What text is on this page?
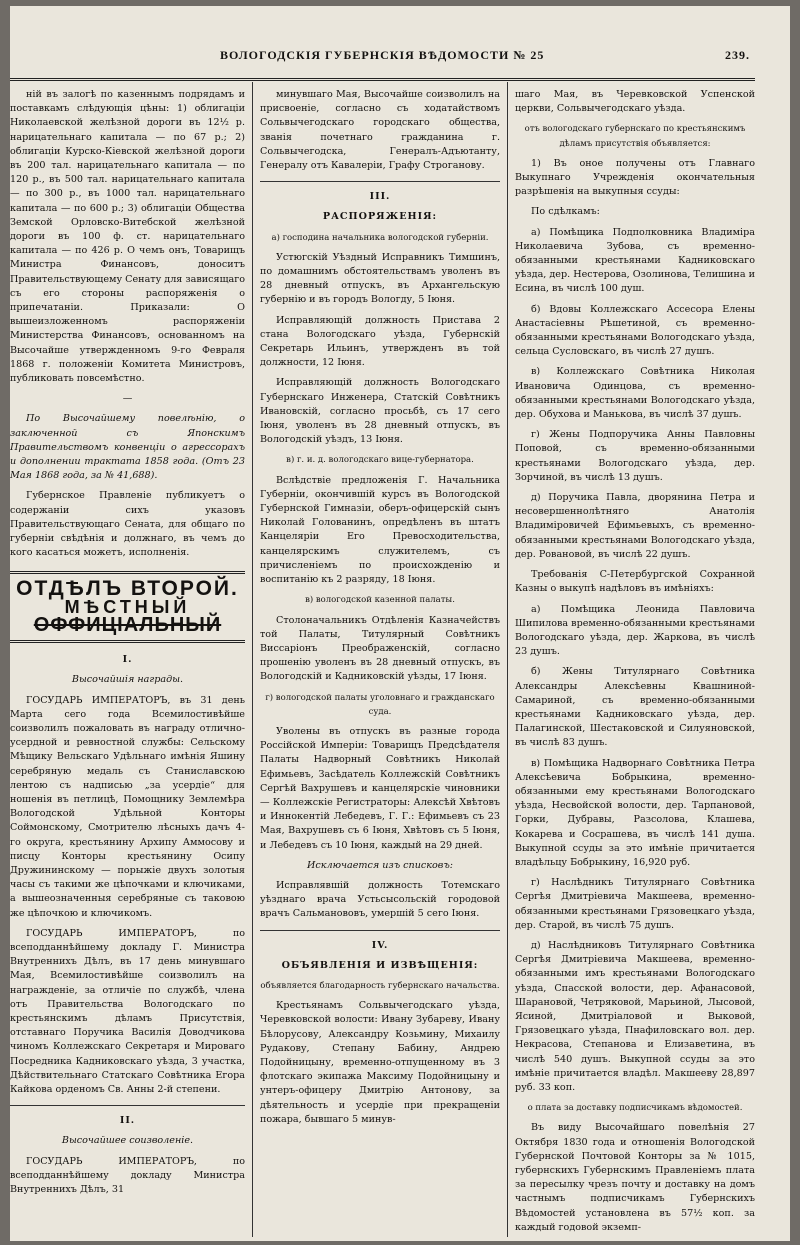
ВОЛОГОДСКІЯ ГУБЕРНСКІЯ ВѢДОМОСТИ № 25	239.

ній въ залогѣ по казеннымъ подрядамъ и поставкамъ слѣдующія цѣны: 1) облигаціи Николаевской желѣзной дороги въ 12½ р. нарицательнаго капитала — по 67 р.; 2) облигаціи Курско-Кіевской желѣзной дороги въ 200 тал. нарицательнаго капитала — по 120 р., въ 500 тал. нарицательнаго капитала — по 300 р., въ 1000 тал. нарицательнаго капитала — по 600 р.; 3) облигаціи Общества Земской Орловско-Витебской желѣзной дороги въ 100 ф. ст. нарицательнаго капитала — по 426 р. О чемъ онъ, Товарищъ Министра Финансовъ, доноситъ Правительствующему Сенату для зависящаго съ его стороны распоряженія о припечатаніи. Приказали: О вышеизложенномъ распоряженіи Министерства Финансовъ, основанномъ на Высочайше утвержденномъ 9-го Февраля 1868 г. положеніи Комитета Министровъ, публиковать повсемѣстно.

—

По Высочайшему повелѣнію, о заключенной съ Японскимъ Правительствомъ конвенціи о агрессорахъ и дополнении трактата 1858 года. (Отъ 23 Мая 1868 года, за № 41,688).

Губернское Правленіе публикуетъ о содержаніи сихъ указовъ Правительствующаго Сената, для общаго по губерніи свѣдѣнія и должнаго, въ чемъ до кого касаться можетъ, исполненія.

ОТДѢЛЪ ВТОРОЙ.
МѢСТНЫЙ
ОФФИЦІАЛЬНЫЙ

I.

Высочайшія награды.

ГОСУДАРЬ ИМПЕРАТОРЪ, въ 31 день Марта сего года Всемилостивѣйше соизволилъ пожаловать въ награду отлично-усердной и ревностной службы: Сельскому Мѣщику Вельскаго Удѣльнаго имѣнія Яшину серебряную медаль съ Станиславскою лентою съ надписью „за усердіе“ для ношенія въ петлицѣ, Помощнику Землемѣра Вологодской Удѣльной Конторы Соймонскому, Смотрителю лѣсныхъ дачъ 4-го округа, крестьянину Архипу Аммосову и писцу Конторы крестьянину Осипу Дружининскому — порыжіе двухъ золотыя часы съ такими же цѣпочками и ключиками, а вышеозначенныя серебряные съ таковою же цѣпочкою и ключикомъ.

ГОСУДАРЬ ИМПЕРАТОРЪ, по всеподданнѣйшему докладу Г. Министра Внутреннихъ Дѣлъ, въ 17 день минувшаго Мая, Всемилостивѣйше соизволилъ на награжденіе, за отличіе по службѣ, члена отъ Правительства Вологодскаго по крестьянскимъ дѣламъ Присутствія, отставнаго Поручика Василія Доводчикова чиномъ Коллежскаго Секретаря и Мироваго Посредника Кадниковскаго уѣзда, 3 участка, Дѣйствительнаго Статскаго Совѣтника Егора Кайкова орденомъ Св. Анны 2-й степени.

II.

Высочайшее соизволеніе.

ГОСУДАРЬ ИМПЕРАТОРЪ, по всеподданнѣйшему докладу Министра Внутреннихъ Дѣлъ, 31

минувшаго Мая, Высочайше соизволилъ на присвоеніе, согласно съ ходатайствомъ Сольвычегодскаго городскаго общества, званія почетнаго гражданина г. Сольвычегодска, Генералъ-Адъютанту, Генералу отъ Кавалеріи, Графу Строганову.

III.

РАСПОРЯЖЕНІЯ:

а) господина начальника вологодской губерніи.

Устюгскій Уѣздный Исправникъ Тимшинъ, по домашнимъ обстоятельствамъ уволенъ въ 28 дневный отпускъ, въ Архангельскую губернію и въ городъ Вологду, 5 Іюня.

Исправляющій должность Пристава 2 стана Вологодскаго уѣзда, Губернскій Секретарь Ильинъ, утвержденъ въ той должности, 12 Іюня.

Исправляющій должность Вологодскаго Губернскаго Инженера, Статскій Совѣтникъ Ивановскій, согласно просьбѣ, съ 17 сего Іюня, уволенъ въ 28 дневный отпускъ, въ Вологодскій уѣздъ, 13 Іюня.

в) г. и. д. вологодскаго вице-губернатора.

Вслѣдствіе предложенія Г. Начальника Губерніи, окончившій курсъ въ Вологодской Губернской Гимназіи, оберъ-офицерскій сынъ Николай Голованинъ, опредѣленъ въ штатъ Канцеляріи Его Превосходительства, канцелярскимъ служителемъ, съ причисленіемъ по происхожденію и воспитанію къ 2 разряду, 18 Іюня.

в) вологодской казенной палаты.

Столоначальникъ Отдѣленія Казначействъ той Палаты, Титулярный Совѣтникъ Виссаріонъ Преображенскій, согласно прошенію уволенъ въ 28 дневный отпускъ, въ Вологодскій и Кадниковскій уѣзды, 17 Іюня.

г) вологодской палаты уголовнаго и гражданскаго суда.

Уволены въ отпускъ въ разные города Россійской Имперіи: Товарищъ Предсѣдателя Палаты Надворный Совѣтникъ Николай Ефимьевъ, Засѣдатель Коллежскій Совѣтникъ Сергѣй Вахрушевъ и канцелярскіе чиновники — Коллежскіе Регистраторы: Алексѣй Хвѣтовъ и Иннокентій Лебедевъ, Г. Г.: Ефимьевъ съ 23 Мая, Вахрушевъ съ 6 Іюня, Хвѣтовъ съ 5 Іюня, и Лебедевъ съ 10 Іюня, каждый на 29 дней.

Исключается изъ списковъ:

Исправлявшій должность Тотемскаго уѣзднаго врача Устьсысольскій городовой врачъ Сальманововъ, умершій 5 сего Іюня.

IV.

ОБЪЯВЛЕНІЯ И ИЗВѢЩЕНІЯ:

объявляется благодарность губернскаго начальства.

Крестьянамъ Сольвычегодскаго уѣзда, Черевковской волости: Ивану Зубареву, Ивану Бѣлорусову, Александру Козьмину, Михаилу Рудакову, Степану Бабину, Андрею Подойницыну, временно-отпущенному въ 3 флотскаго экипажа Максиму Подойницыну и унтеръ-офицеру Дмитрію Антонову, за дѣятельность и усердіе при прекращеніи пожара, бывшаго 5 минув-

шаго Мая, въ Черевковской Успенской церкви, Сольвычегодскаго уѣзда.

отъ вологодскаго губернскаго по крестьянскимъ дѣламъ присутствія объявляется:

1) Въ оное получены отъ Главнаго Выкупнаго Учрежденія окончательныя разрѣшенія на выкупныя ссуды:

По сдѣлкамъ:

а) Помѣщика Подполковника Владиміра Николаевича Зубова, съ временно-обязанными крестьянами Кадниковскаго уѣзда, дер. Нестерова, Озолинова, Телишина и Есина, въ числѣ 100 душ.

б) Вдовы Коллежскаго Ассесора Елены Анастасіевны Рѣшетиной, съ временно-обязанными крестьянами Вологодскаго уѣзда, сельца Сусловскаго, въ числѣ 27 душъ.

в) Коллежскаго Совѣтника Николая Ивановича Одинцова, съ временно-обязанными крестьянами Вологодскаго уѣзда, дер. Обухова и Манькова, въ числѣ 37 душъ.

г) Жены Подпоручика Анны Павловны Поповой, съ временно-обязанными крестьянами Вологодскаго уѣзда, дер. Зорчиной, въ числѣ 13 душъ.

д) Поручика Павла, дворянина Петра и несовершеннолѣтняго Анатолія Владиміровичей Ефимьевыхъ, съ временно-обязанными крестьянами Вологодскаго уѣзда, дер. Ровановой, въ числѣ 22 душъ.

Требованія С-Петербургской Сохранной Казны о выкупѣ надѣловъ въ имѣніяхъ:

а) Помѣщика Леонида Павловича Шипилова временно-обязанными крестьянами Вологодскаго уѣзда, дер. Жаркова, въ числѣ 23 душъ.

б) Жены Титулярнаго Совѣтника Александры Алексѣевны Квашниной-Самариной, съ временно-обязанными крестьянами Кадниковскаго уѣзда, дер. Палагинской, Шестаковской и Силуяновской, въ числѣ 83 душъ.

в) Помѣщика Надворнаго Совѣтника Петра Алексѣевича Бобрыкина, временно-обязанными ему крестьянами Вологодскаго уѣзда, Несвойской волости, дер. Тарпановой, Горки, Дубравы, Разсолова, Клашева, Кокарева и Сосрашева, въ числѣ 141 душа. Выкупной ссуды за это имѣніе причитается владѣльцу Бобрыкину, 16,920 руб.

г) Наслѣдникъ Титулярнаго Совѣтника Сергѣя Дмитріевича Макшеева, временно-обязанными крестьянами Грязовецкаго уѣзда, дер. Старой, въ числѣ 75 душъ.

д) Наслѣдниковъ Титулярнаго Совѣтника Сергѣя Дмитріевича Макшеева, временно-обязанными имъ крестьянами Вологодскаго уѣзда, Спасской волости, дер. Афанасовой, Шарановой, Четряковой, Марьиной, Лысовой, Ясиной, Дмитріаловой и Выковой, Грязовецкаго уѣзда, Пнафиловскаго вол. дер. Некрасова, Степанова и Елизаветина, въ числѣ 540 душъ. Выкупной ссуды за это имѣніе причитается владѣл. Макшееву 28,897 руб. 33 коп.

о плата за доставку подписчикамъ вѣдомостей.

Въ виду Высочайшаго повелѣнія 27 Октября 1830 года и отношенія Вологодской Губернской Почтовой Конторы за № 1015, губернскихъ Губернскимъ Правленіемъ плата за пересылку чрезъ почту и доставку на домъ частнымъ подписчикамъ Губернскихъ Вѣдомостей установлена въ 57½ коп. за каждый годовой экземп-
